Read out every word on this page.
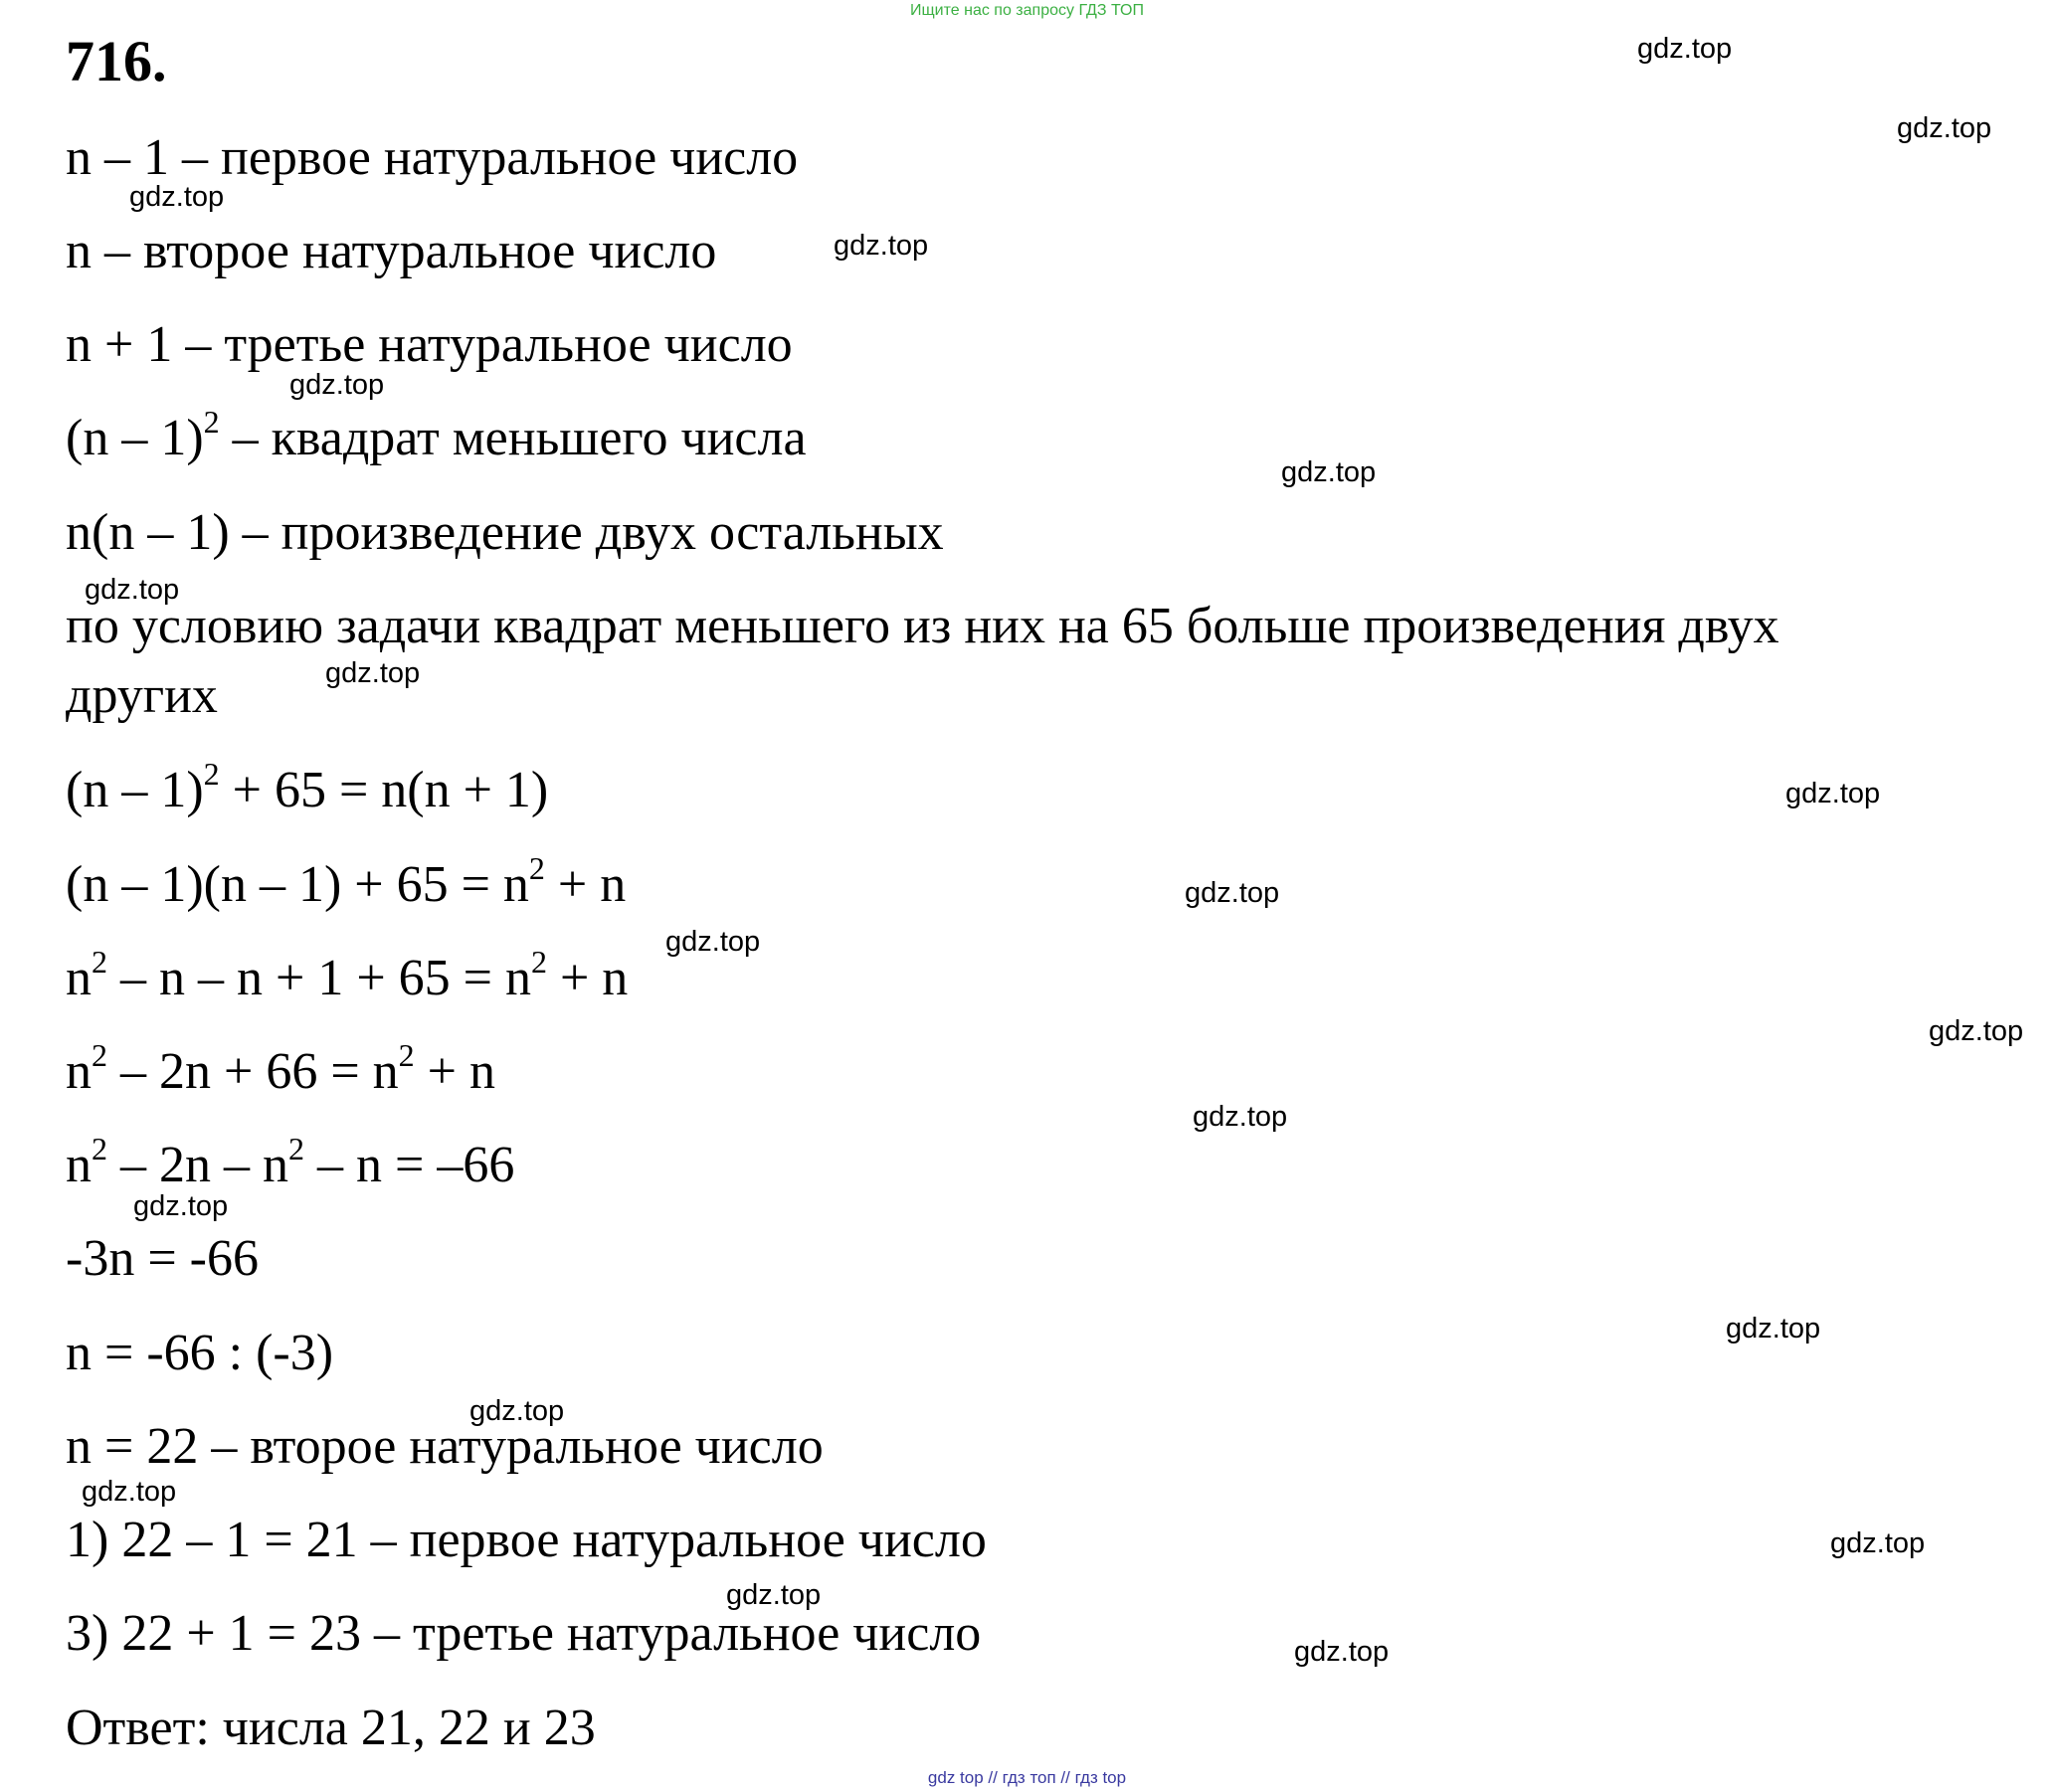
Ищите нас по запросу ГДЗ ТОП
716.
n – 1 – первое натуральное число
n – второе натуральное число
n + 1 – третье натуральное число
(n – 1)$^2$ – квадрат меньшего числа
n(n – 1) – произведение двух остальных
по условию задачи квадрат меньшего из них на 65 больше произведения двух
других
(n – 1)$^2$ + 65 = n(n + 1)
$(n - 1)(n - 1) + 65 = n^2 + n$
$n^2 - n - n + 1 + 65 = n^2 + n$
$n^2 - 2n + 66 = n^2 + n$
$n^2 - 2n - n^2 - n = -66$
-3n = -66
n = -66 : (-3)
n = 22 – второе натуральное число
1) 22 – 1 = 21 – первое натуральное число
3) 22 + 1 = 23 – третье натуральное число
Ответ: числа 21, 22 и 23
gdz.top
gdz.top
gdz.top
gdz.top
gdz.top
gdz.top
gdz.top
gdz.top
gdz.top
gdz.top
gdz.top
gdz.top
gdz.top
gdz.top
gdz.top
gdz.top
gdz.top
gdz.top
gdz.top
gdz.top
gdz top // гдз топ // гдз top
